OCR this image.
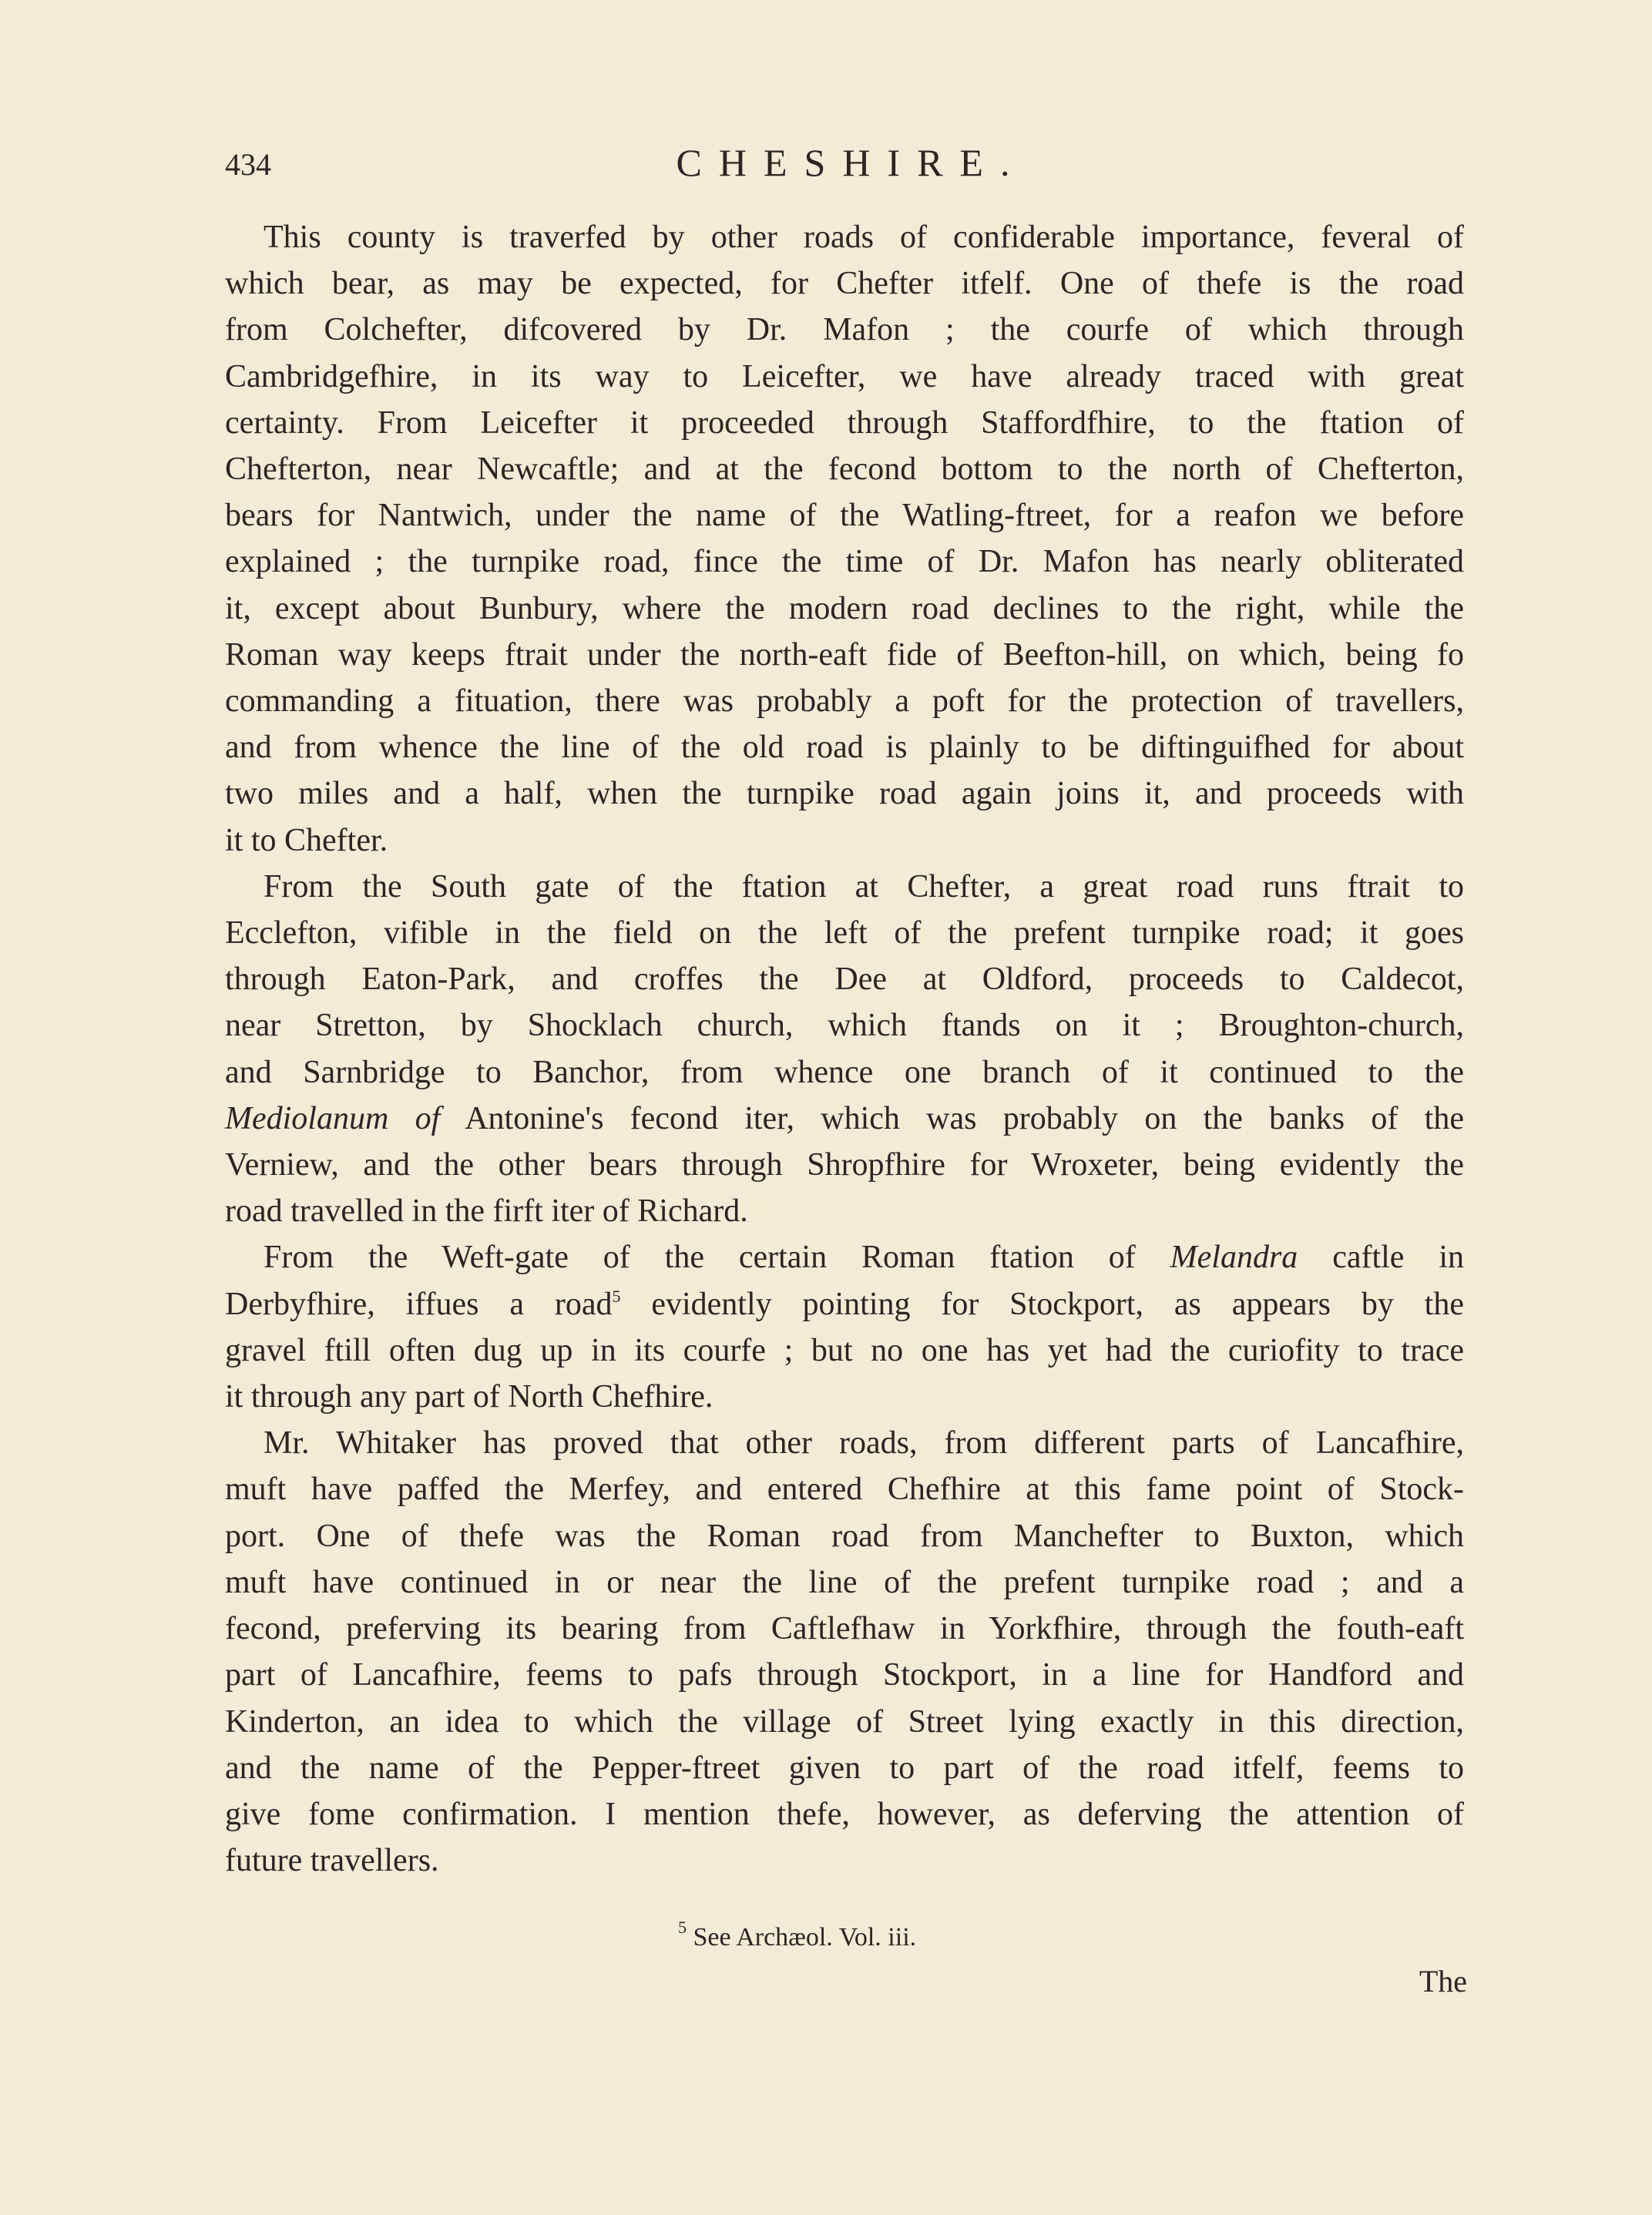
434	CHESHIRE.

This county is traverfed by other roads of confiderable importance, feveral of
which bear, as may be expected, for Chefter itfelf. One of thefe is the road
from Colchefter, difcovered by Dr. Mafon ; the courfe of which through
Cambridgefhire, in its way to Leicefter, we have already traced with great
certainty. From Leicefter it proceeded through Staffordfhire, to the ftation of
Chefterton, near Newcaftle; and at the fecond bottom to the north of Chefterton,
bears for Nantwich, under the name of the Watling-ftreet, for a reafon we before
explained ; the turnpike road, fince the time of Dr. Mafon has nearly obliterated
it, except about Bunbury, where the modern road declines to the right, while the
Roman way keeps ftrait under the north-eaft fide of Beefton-hill, on which, being fo
commanding a fituation, there was probably a poft for the protection of travellers,
and from whence the line of the old road is plainly to be diftinguifhed for about
two miles and a half, when the turnpike road again joins it, and proceeds with
it to Chefter.

From the South gate of the ftation at Chefter, a great road runs ftrait to
Ecclefton, vifible in the field on the left of the prefent turnpike road; it goes
through Eaton-Park, and croffes the Dee at Oldford, proceeds to Caldecot,
near Stretton, by Shocklach church, which ftands on it ; Broughton-church,
and Sarnbridge to Banchor, from whence one branch of it continued to the
Mediolanum of Antonine's fecond iter, which was probably on the banks of the
Verniew, and the other bears through Shropfhire for Wroxeter, being evidently the
road travelled in the firft iter of Richard.

From the Weft-gate of the certain Roman ftation of Melandra caftle in
Derbyfhire, iffues a road$^5$ evidently pointing for Stockport, as appears by the
gravel ftill often dug up in its courfe ; but no one has yet had the curiofity to trace
it through any part of North Chefhire.

Mr. Whitaker has proved that other roads, from different parts of Lancafhire,
muft have paffed the Merfey, and entered Chefhire at this fame point of Stock-
port. One of thefe was the Roman road from Manchefter to Buxton, which
muft have continued in or near the line of the prefent turnpike road ; and a
fecond, preferving its bearing from Caftlefhaw in Yorkfhire, through the fouth-eaft
part of Lancafhire, feems to pafs through Stockport, in a line for Handford and
Kinderton, an idea to which the village of Street lying exactly in this direction,
and the name of the Pepper-ftreet given to part of the road itfelf, feems to
give fome confirmation. I mention thefe, however, as deferving the attention of
future travellers.

$^5$ See Archæol. Vol. iii.
The
